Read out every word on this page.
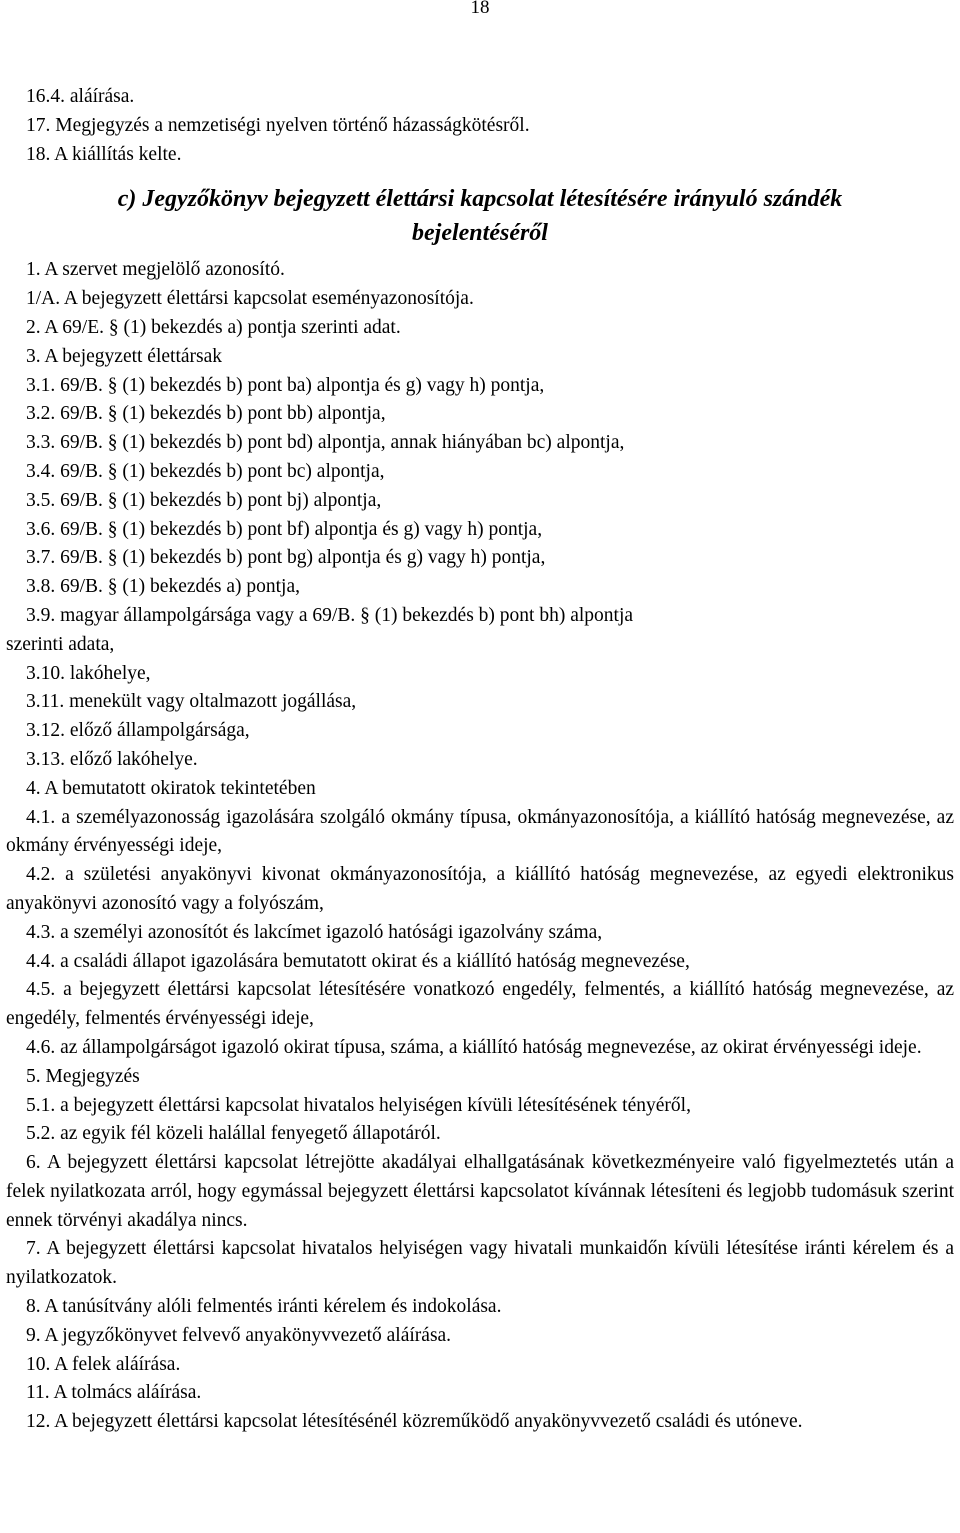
18
16.4. aláírása.
17. Megjegyzés a nemzetiségi nyelven történő házasságkötésről.
18. A kiállítás kelte.
c) Jegyzőkönyv bejegyzett élettársi kapcsolat létesítésére irányuló szándék
bejelentéséről
1. A szervet megjelölő azonosító.
1/A. A bejegyzett élettársi kapcsolat eseményazonosítója.
2. A 69/E. § (1) bekezdés a) pontja szerinti adat.
3. A bejegyzett élettársak
3.1. 69/B. § (1) bekezdés b) pont ba) alpontja és g) vagy h) pontja,
3.2. 69/B. § (1) bekezdés b) pont bb) alpontja,
3.3. 69/B. § (1) bekezdés b) pont bd) alpontja, annak hiányában bc) alpontja,
3.4. 69/B. § (1) bekezdés b) pont bc) alpontja,
3.5. 69/B. § (1) bekezdés b) pont bj) alpontja,
3.6. 69/B. § (1) bekezdés b) pont bf) alpontja és g) vagy h) pontja,
3.7. 69/B. § (1) bekezdés b) pont bg) alpontja és g) vagy h) pontja,
3.8. 69/B. § (1) bekezdés a) pontja,
3.9. magyar állampolgársága vagy a 69/B. § (1) bekezdés b) pont bh) alpontja
szerinti adata,
3.10. lakóhelye,
3.11. menekült vagy oltalmazott jogállása,
3.12. előző állampolgársága,
3.13. előző lakóhelye.
4. A bemutatott okiratok tekintetében
4.1. a személyazonosság igazolására szolgáló okmány típusa, okmányazonosítója, a kiállító hatóság megnevezése, az okmány érvényességi ideje,
4.2. a születési anyakönyvi kivonat okmányazonosítója, a kiállító hatóság megnevezése, az egyedi elektronikus anyakönyvi azonosító vagy a folyószám,
4.3. a személyi azonosítót és lakcímet igazoló hatósági igazolvány száma,
4.4. a családi állapot igazolására bemutatott okirat és a kiállító hatóság megnevezése,
4.5. a bejegyzett élettársi kapcsolat létesítésére vonatkozó engedély, felmentés, a kiállító hatóság megnevezése, az engedély, felmentés érvényességi ideje,
4.6. az állampolgárságot igazoló okirat típusa, száma, a kiállító hatóság megnevezése, az okirat érvényességi ideje.
5. Megjegyzés
5.1. a bejegyzett élettársi kapcsolat hivatalos helyiségen kívüli létesítésének tényéről,
5.2. az egyik fél közeli halállal fenyegető állapotáról.
6. A bejegyzett élettársi kapcsolat létrejötte akadályai elhallgatásának következményeire való figyelmeztetés után a felek nyilatkozata arról, hogy egymással bejegyzett élettársi kapcsolatot kívánnak létesíteni és legjobb tudomásuk szerint ennek törvényi akadálya nincs.
7. A bejegyzett élettársi kapcsolat hivatalos helyiségen vagy hivatali munkaidőn kívüli létesítése iránti kérelem és a nyilatkozatok.
8. A tanúsítvány alóli felmentés iránti kérelem és indokolása.
9. A jegyzőkönyvet felvevő anyakönyvvezető aláírása.
10. A felek aláírása.
11. A tolmács aláírása.
12. A bejegyzett élettársi kapcsolat létesítésénél közreműködő anyakönyvvezető családi és utóneve.
